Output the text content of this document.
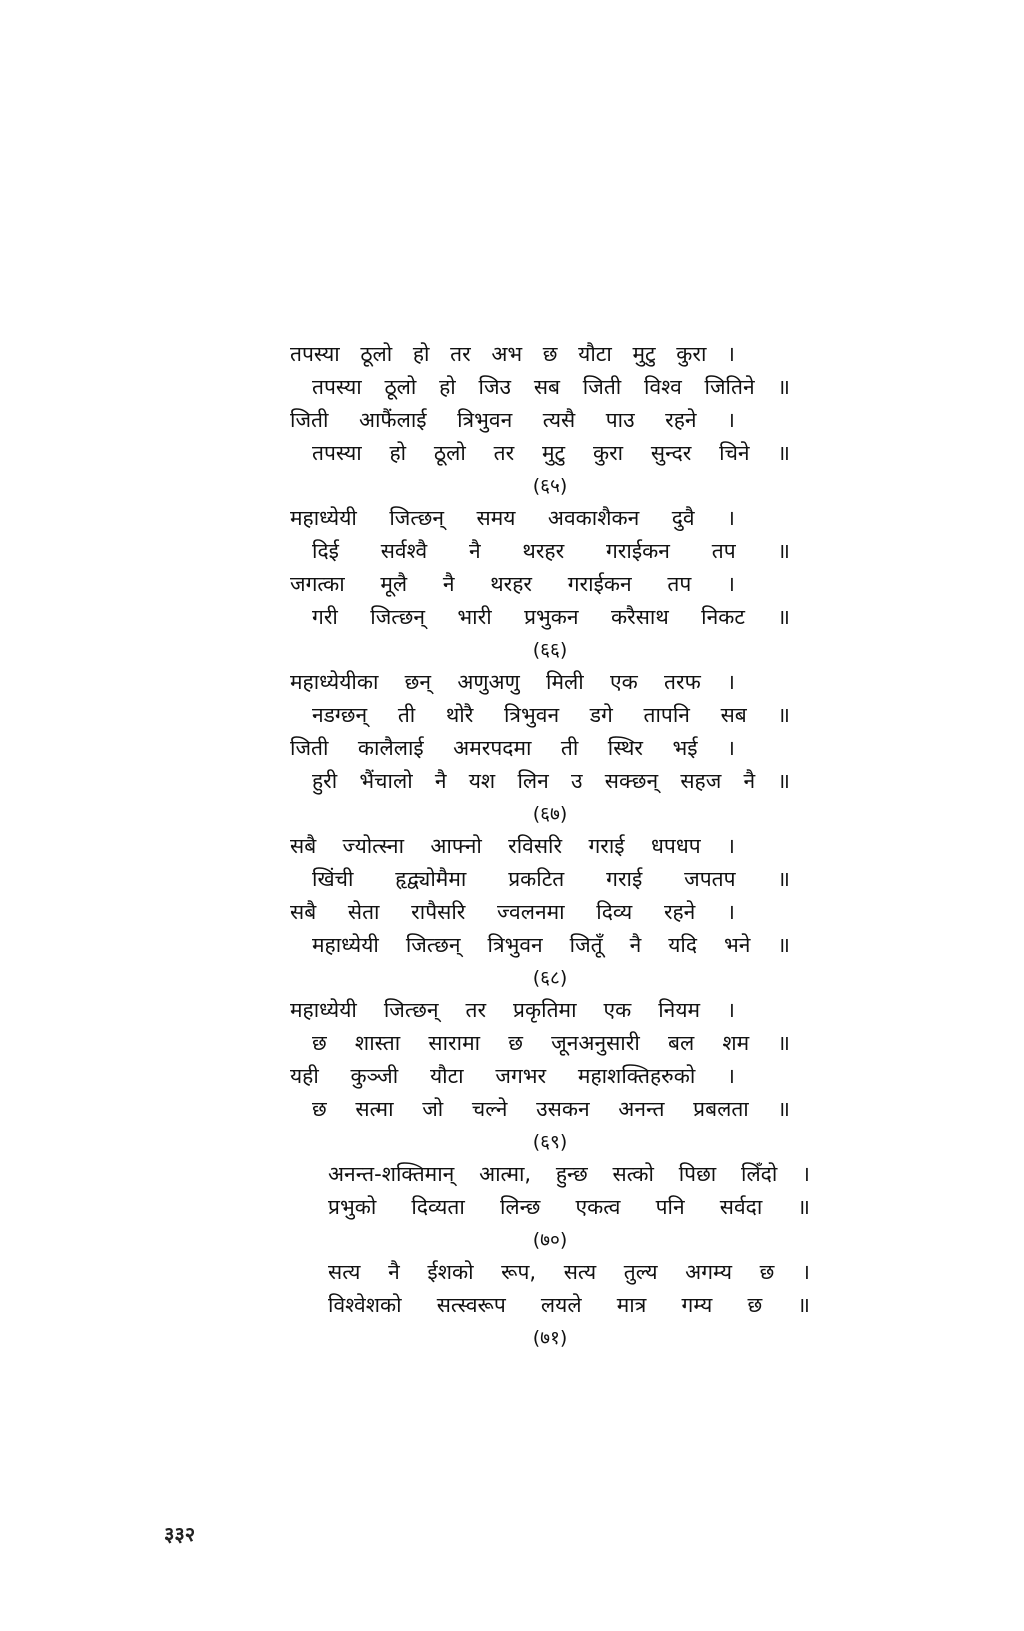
तपस्या ठूलो हो तर अभ छ यौटा मुटु कुरा ।
तपस्या ठूलो हो जिउ सब जिती विश्व जितिने ॥
जिती आफैंलाई त्रिभुवन त्यसै पाउ रहने ।
तपस्या हो ठूलो तर मुटु कुरा सुन्दर चिने ॥
(६५)
महाध्येयी जित्छन् समय अवकाशैकन दुवै ।
दिई सर्वश्वै नै थरहर गराईकन तप ॥
जगत्का मूलै नै थरहर गराईकन तप ।
गरी जित्छन् भारी प्रभुकन करैसाथ निकट ॥
(६६)
महाध्येयीका छन् अणुअणु मिली एक तरफ ।
नडग्छन् ती थोरै त्रिभुवन डगे तापनि सब ॥
जिती कालैलाई अमरपदमा ती स्थिर भई ।
हुरी भैंचालो नै यश लिन उ सक्छन् सहज नै ॥
(६७)
सबै ज्योत्स्ना आफ्नो रविसरि गराई धपधप ।
खिंची हृद्व्योमैमा प्रकटित गराई जपतप ॥
सबै सेता रापैसरि ज्वलनमा दिव्य रहने ।
महाध्येयी जित्छन् त्रिभुवन जितूँ नै यदि भने ॥
(६८)
महाध्येयी जित्छन् तर प्रकृतिमा एक नियम ।
छ शास्ता सारामा छ जूनअनुसारी बल शम ॥
यही कुञ्जी यौटा जगभर महाशक्तिहरुको ।
छ सत्मा जो चल्ने उसकन अनन्त प्रबलता ॥
(६९)
अनन्त-शक्तिमान् आत्मा, हुन्छ सत्को पिछा लिँदो ।
प्रभुको दिव्यता लिन्छ एकत्व पनि सर्वदा ॥
(७०)
सत्य नै ईशको रूप, सत्य तुल्य अगम्य छ ।
विश्वेशको सत्स्वरूप लयले मात्र गम्य छ ॥
(७१)
३३२
